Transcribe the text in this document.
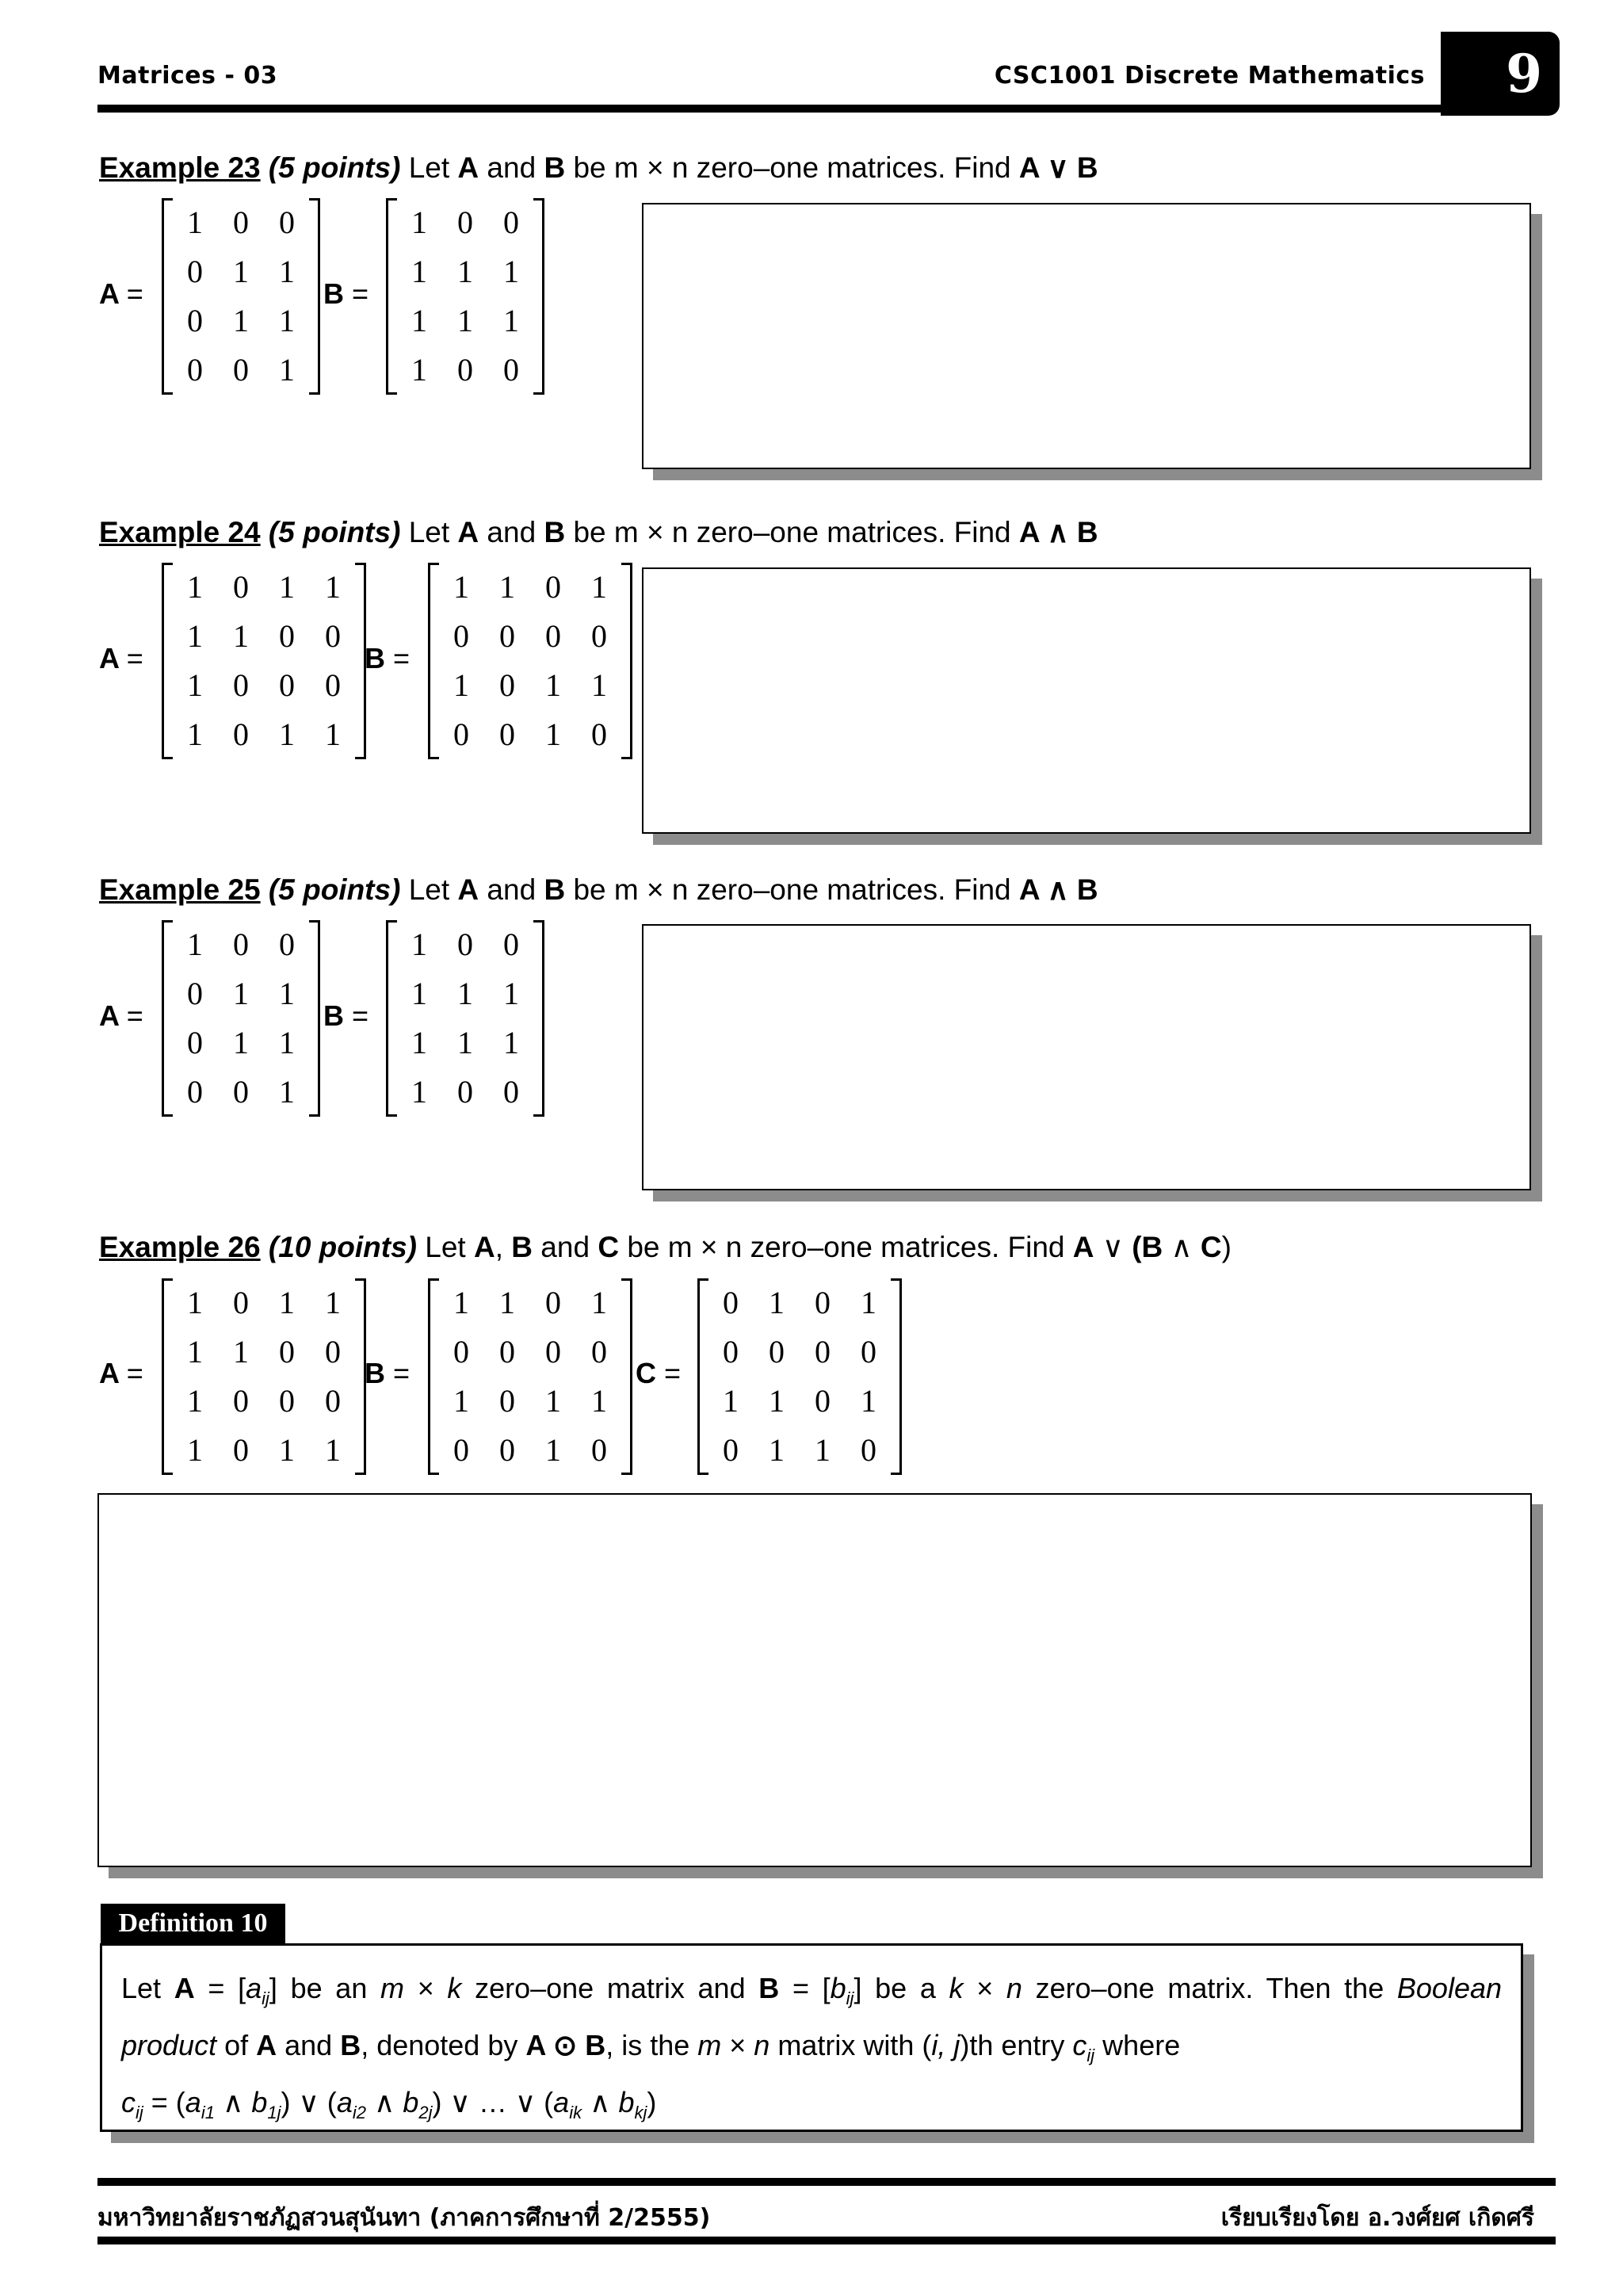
Matrices - 03	CSC1001 Discrete Mathematics 9
Example 23 (5 points) Let A and B be m × n zero–one matrices. Find A ∨ B
A =
1 0 0
0 1 1
0 1 1
0 0 1
B =
1 0 0
1 1 1
1 1 1
1 0 0
Example 24 (5 points) Let A and B be m × n zero–one matrices. Find A ∧ B
A =
1 0 1 1
1 1 0 0
1 0 0 0
1 0 1 1
B =
1 1 0 1
0 0 0 0
1 0 1 1
0 0 1 0
Example 25 (5 points) Let A and B be m × n zero–one matrices. Find A ∧ B
A =
1 0 0
0 1 1
0 1 1
0 0 1
B =
1 0 0
1 1 1
1 1 1
1 0 0
Example 26 (10 points) Let A, B and C be m × n zero–one matrices. Find A ∨ (B ∧ C)
A =
1 0 1 1
1 1 0 0
1 0 0 0
1 0 1 1
B =
1 1 0 1
0 0 0 0
1 0 1 1
0 0 1 0
C =
0 1 0 1
0 0 0 0
1 1 0 1
0 1 1 0
Definition 10
Let $A = [a_{ij}]$ be an m × k zero–one matrix and $B = [b_{ij}]$ be a k × n zero–one matrix. Then the Boolean
product of A and B, denoted by A ⊙ B, is the m × n matrix with (i, j)th entry $c_{ij}$ where
$c_{ij} = (a_{i1}$ ∧ $b_{1j}$) ∨ ($a_{i2}$ ∧ $b_{2j}$) ∨ … ∨ ($a_{ik}$ ∧ $b_{kj}$)
มหาวิทยาลัยราชภัฏสวนสุนันทา (ภาคการศึกษาที่ 2/2555)	เรียบเรียงโดย อ.วงศ์ยศ เกิดศรี
